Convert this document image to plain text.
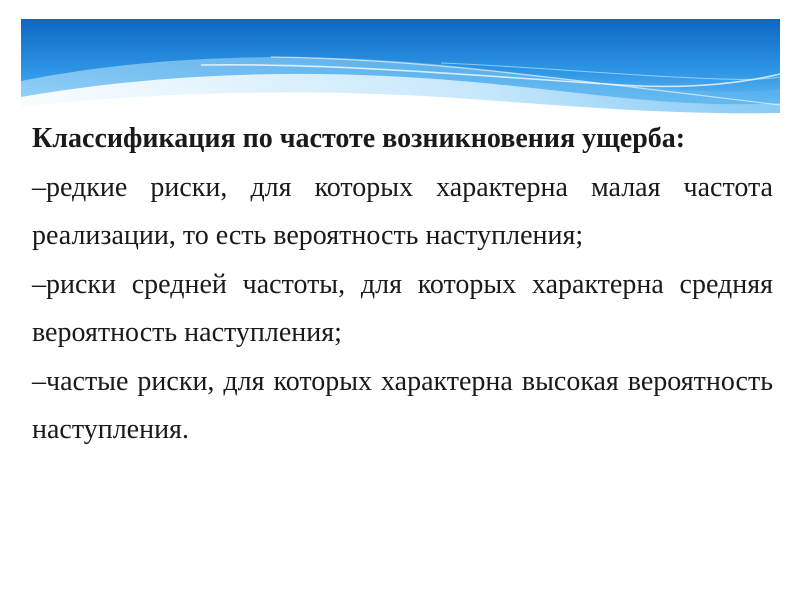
Классификация по частоте возникновения ущерба:

–редкие риски, для которых характерна малая частота реализации, то есть вероятность наступления;

–риски средней частоты, для которых характерна средняя вероятность наступления;

–частые риски, для которых характерна высокая вероятность наступления.
